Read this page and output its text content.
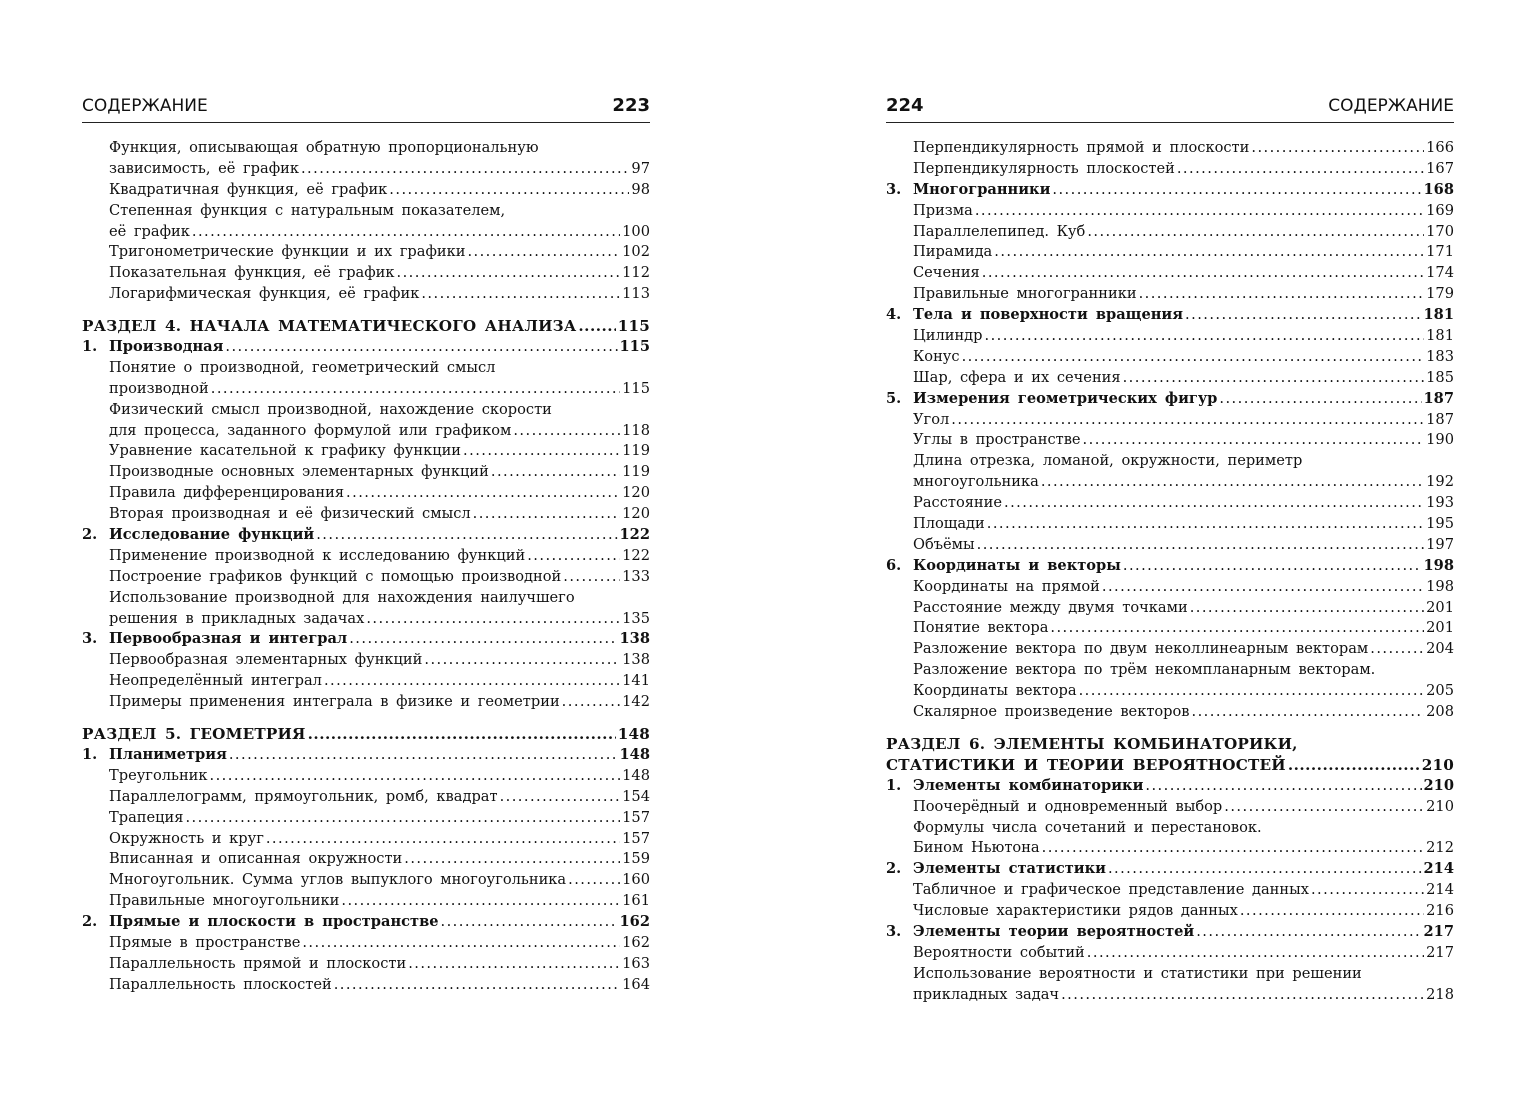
СОДЕРЖАНИЕ	223
Функция, описывающая обратную пропорциональную
зависимость, её график . . .	97
Квадратичная функция, её график . . .	98
Степенная функция с натуральным показателем,
её график . . .	100
Тригонометрические функции и их графики . . .	102
Показательная функция, её график . . .	112
Логарифмическая функция, её график . . .	113
РАЗДЕЛ 4. НАЧАЛА МАТЕМАТИЧЕСКОГО АНАЛИЗА . . .	115
1. Производная . . .	115
Понятие о производной, геометрический смысл
производной . . .	115
Физический смысл производной, нахождение скорости
для процесса, заданного формулой или графиком . . .	118
Уравнение касательной к графику функции . . .	119
Производные основных элементарных функций . . .	119
Правила дифференцирования . . .	120
Вторая производная и её физический смысл . . .	120
2. Исследование функций . . .	122
Применение производной к исследованию функций . . .	122
Построение графиков функций с помощью производной . . .	133
Использование производной для нахождения наилучшего
решения в прикладных задачах . . .	135
3. Первообразная и интеграл . . .	138
Первообразная элементарных функций . . .	138
Неопределённый интеграл . . .	141
Примеры применения интеграла в физике и геометрии . . .	142
РАЗДЕЛ 5. ГЕОМЕТРИЯ . . .	148
1. Планиметрия . . .	148
Треугольник . . .	148
Параллелограмм, прямоугольник, ромб, квадрат . . .	154
Трапеция . . .	157
Окружность и круг . . .	157
Вписанная и описанная окружности . . .	159
Многоугольник. Сумма углов выпуклого многоугольника . . .	160
Правильные многоугольники . . .	161
2. Прямые и плоскости в пространстве . . .	162
Прямые в пространстве . . .	162
Параллельность прямой и плоскости . . .	163
Параллельность плоскостей . . .	164
224	СОДЕРЖАНИЕ
Перпендикулярность прямой и плоскости . . .	166
Перпендикулярность плоскостей . . .	167
3. Многогранники . . .	168
Призма . . .	169
Параллелепипед. Куб . . .	170
Пирамида . . .	171
Сечения . . .	174
Правильные многогранники . . .	179
4. Тела и поверхности вращения . . .	181
Цилиндр . . .	181
Конус . . .	183
Шар, сфера и их сечения . . .	185
5. Измерения геометрических фигур . . .	187
Угол . . .	187
Углы в пространстве . . .	190
Длина отрезка, ломаной, окружности, периметр
многоугольника . . .	192
Расстояние . . .	193
Площади . . .	195
Объёмы . . .	197
6. Координаты и векторы . . .	198
Координаты на прямой . . .	198
Расстояние между двумя точками . . .	201
Понятие вектора . . .	201
Разложение вектора по двум неколлинеарным векторам . . .	204
Разложение вектора по трём некомпланарным векторам.
Координаты вектора . . .	205
Скалярное произведение векторов . . .	208
РАЗДЕЛ 6. ЭЛЕМЕНТЫ КОМБИНАТОРИКИ,
СТАТИСТИКИ И ТЕОРИИ ВЕРОЯТНОСТЕЙ . . .	210
1. Элементы комбинаторики . . .	210
Поочерёдный и одновременный выбор . . .	210
Формулы числа сочетаний и перестановок.
Бином Ньютона . . .	212
2. Элементы статистики . . .	214
Табличное и графическое представление данных . . .	214
Числовые характеристики рядов данных . . .	216
3. Элементы теории вероятностей . . .	217
Вероятности событий . . .	217
Использование вероятности и статистики при решении
прикладных задач . . .	218
